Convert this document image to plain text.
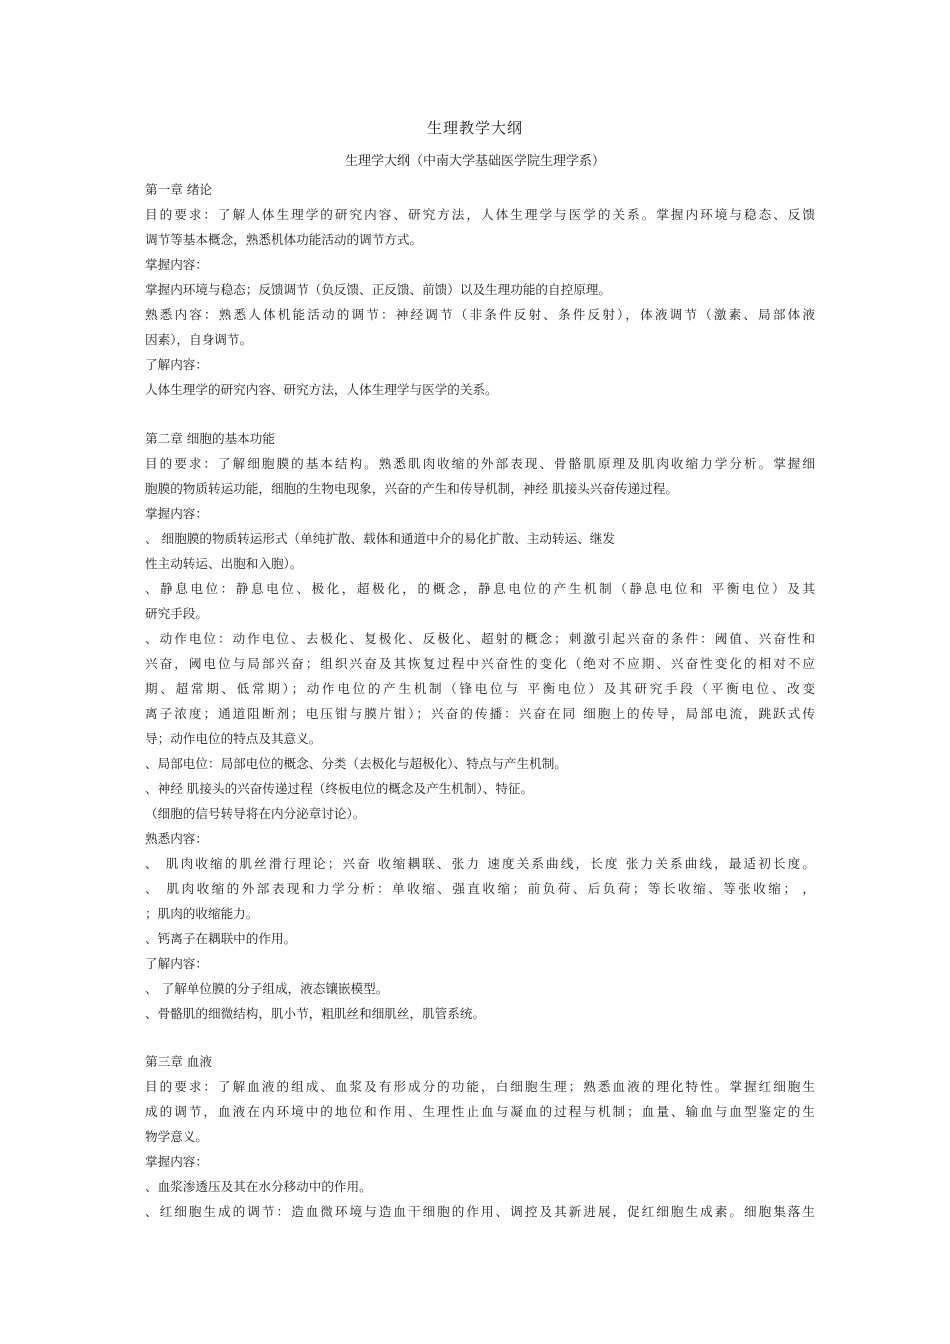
生理教学大纲
生理学大纲（中南大学基础医学院生理学系）
第一章 绪论
目的要求：了解人体生理学的研究内容、研究方法，人体生理学与医学的关系。掌握内环境与稳态、反馈
调节等基本概念，熟悉机体功能活动的调节方式。
掌握内容：
掌握内环境与稳态；反馈调节（负反馈、正反馈、前馈）以及生理功能的自控原理。
熟悉内容：熟悉人体机能活动的调节：神经调节（非条件反射、条件反射），体液调节（激素、局部体液
因素），自身调节。
了解内容：
人体生理学的研究内容、研究方法，人体生理学与医学的关系。
第二章 细胞的基本功能
目的要求：了解细胞膜的基本结构。熟悉肌肉收缩的外部表现、骨骼肌原理及肌肉收缩力学分析。掌握细
胞膜的物质转运功能，细胞的生物电现象，兴奋的产生和传导机制，神经 肌接头兴奋传递过程。
掌握内容：
、 细胞膜的物质转运形式（单纯扩散、载体和通道中介的易化扩散、主动转运、继发
性主动转运、出胞和入胞）。
、静息电位：静息电位、极化，超极化，的概念，静息电位的产生机制（静息电位和 平衡电位）及其
研究手段。
、动作电位：动作电位、去极化、复极化、反极化、超射的概念；刺激引起兴奋的条件：阈值、兴奋性和
兴奋，阈电位与局部兴奋；组织兴奋及其恢复过程中兴奋性的变化（绝对不应期、兴奋性变化的相对不应
期、超常期、低常期）；动作电位的产生机制（锋电位与 平衡电位）及其研究手段（平衡电位、改变
离子浓度；通道阻断剂；电压钳与膜片钳）；兴奋的传播：兴奋在同 细胞上的传导，局部电流，跳跃式传
导；动作电位的特点及其意义。
、局部电位：局部电位的概念、分类（去极化与超极化）、特点与产生机制。
、神经 肌接头的兴奋传递过程（终板电位的概念及产生机制）、特征。
（细胞的信号转导将在内分泌章讨论）。
熟悉内容：
、 肌肉收缩的肌丝滑行理论；兴奋 收缩耦联、张力 速度关系曲线，长度 张力关系曲线，最适初长度。
、 肌肉收缩的外部表现和力学分析：单收缩、强直收缩；前负荷、后负荷；等长收缩、等张收缩； ，
；肌肉的收缩能力。
、钙离子在耦联中的作用。
了解内容：
、 了解单位膜的分子组成，液态镶嵌模型。
、骨骼肌的细微结构，肌小节，粗肌丝和细肌丝，肌管系统。
第三章 血液
目的要求：了解血液的组成、血浆及有形成分的功能，白细胞生理；熟悉血液的理化特性。掌握红细胞生
成的调节，血液在内环境中的地位和作用、生理性止血与凝血的过程与机制；血量、输血与血型鉴定的生
物学意义。
掌握内容：
、血浆渗透压及其在水分移动中的作用。
、红细胞生成的调节：造血微环境与造血干细胞的作用、调控及其新进展，促红细胞生成素。细胞集落生
